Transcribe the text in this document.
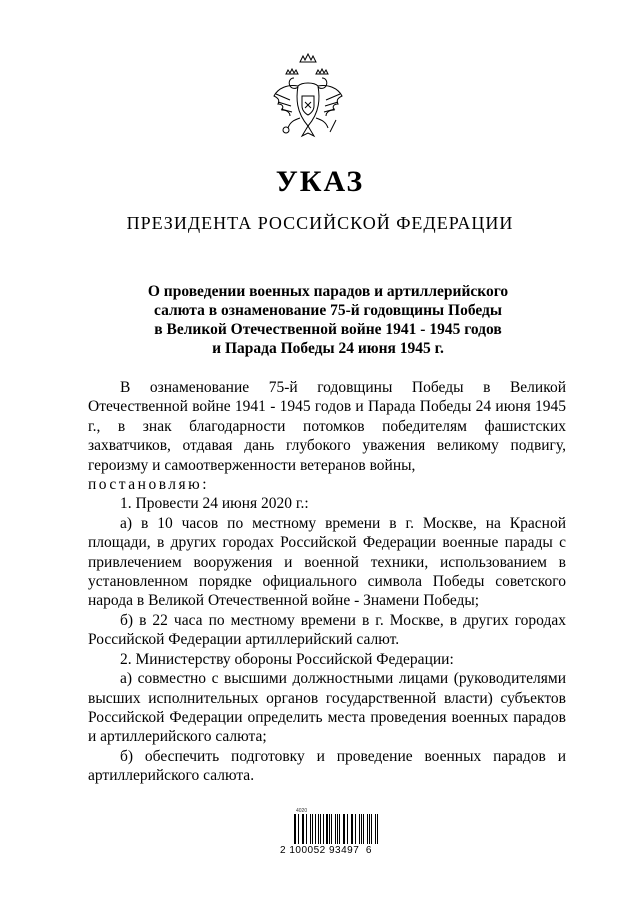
УКАЗ
ПРЕЗИДЕНТА РОССИЙСКОЙ ФЕДЕРАЦИИ
О проведении военных парадов и артиллерийского
салюта в ознаменование 75-й годовщины Победы
в Великой Отечественной войне 1941 - 1945 годов
и Парада Победы 24 июня 1945 г.

В ознаменование 75-й годовщины Победы в Великой Отечественной войне 1941 - 1945 годов и Парада Победы 24 июня 1945 г., в знак благодарности потомков победителям фашистских захватчиков, отдавая дань глубокого уважения великому подвигу, героизму и самоотверженности ветеранов войны,

постановляю:

1. Провести 24 июня 2020 г.:

а) в 10 часов по местному времени в г. Москве, на Красной площади, в других городах Российской Федерации военные парады с привлечением вооружения и военной техники, использованием в установленном порядке официального символа Победы советского народа в Великой Отечественной войне - Знамени Победы;

б) в 22 часа по местному времени в г. Москве, в других городах Российской Федерации артиллерийский салют.

2. Министерству обороны Российской Федерации:

а) совместно с высшими должностными лицами (руководителями высших исполнительных органов государственной власти) субъектов Российской Федерации определить места проведения военных парадов и артиллерийского салюта;

б) обеспечить подготовку и проведение военных парадов и артиллерийского салюта.

4020
2 100052 93497  6
